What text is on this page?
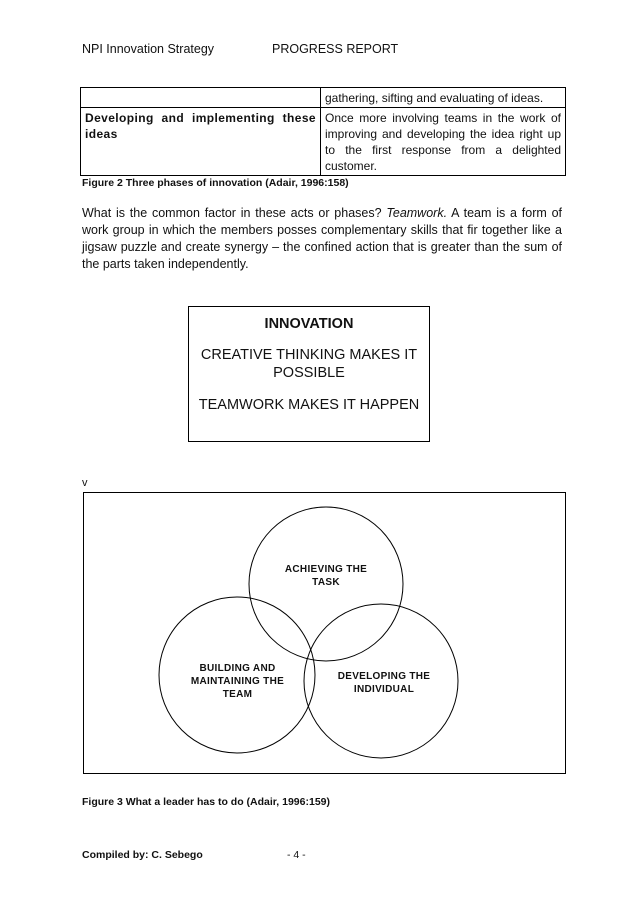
NPI Innovation Strategy	PROGRESS REPORT
	gathering, sifting and evaluating of ideas.
Developing and implementing these ideas	Once more involving teams in the work of improving and developing the idea right up to the first response from a delighted customer.
Figure 2 Three phases of innovation (Adair, 1996:158)
What is the common factor in these acts or phases? Teamwork. A team is a form of work group in which the members posses complementary skills that fir together like a jigsaw puzzle and create synergy – the confined action that is greater than the sum of the parts taken independently.
INNOVATION
CREATIVE THINKING MAKES IT POSSIBLE
TEAMWORK MAKES IT HAPPEN
v
ACHIEVING THE TASK
BUILDING AND MAINTAINING THE TEAM
DEVELOPING THE INDIVIDUAL
Figure 3 What a leader has to do (Adair, 1996:159)
Compiled by: C. Sebego	- 4 -
